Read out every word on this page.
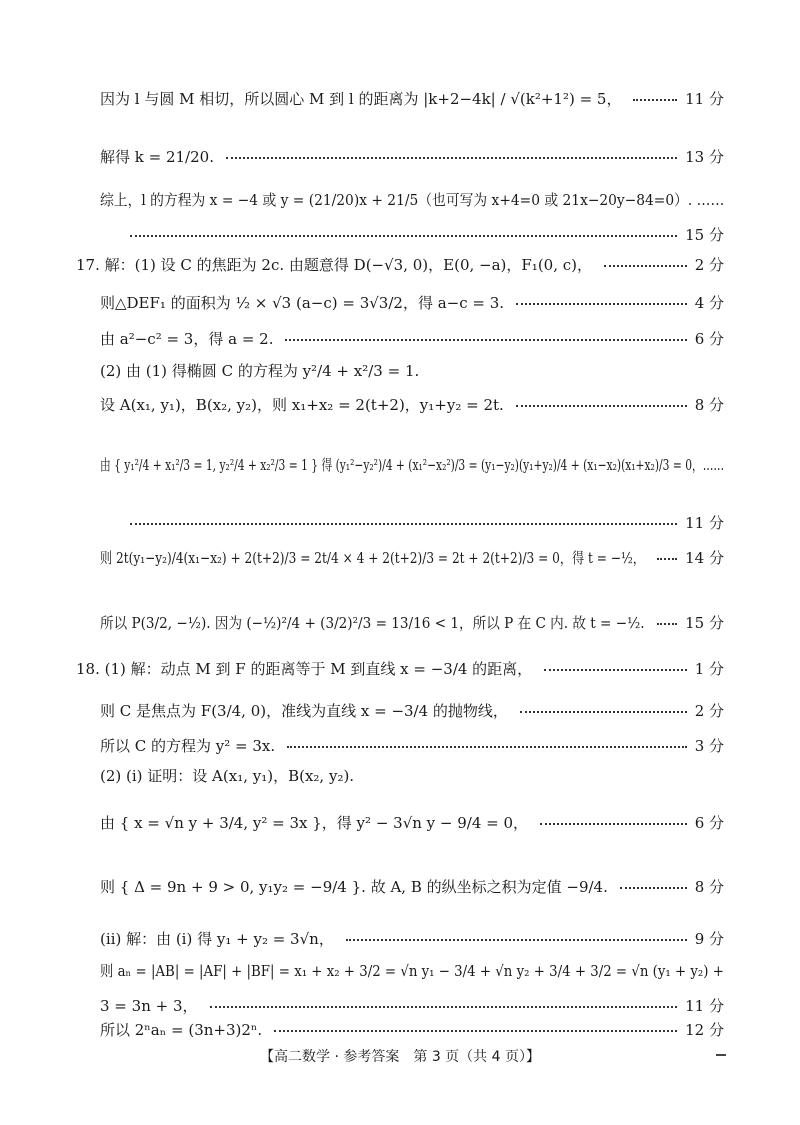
因为 l 与圆 M 相切，所以圆心 M 到 l 的距离为 |k+2−4k| / √(k²+1²) = 5，	11 分
解得 k = 21/20.	13 分
综上，l 的方程为 x = −4 或 y = (21/20)x + 21/5（也可写为 x+4=0 或 21x−20y−84=0）. ……
15 分
17. 解：(1) 设 C 的焦距为 2c. 由题意得 D(−√3, 0)，E(0, −a)，F₁(0, c)，	2 分
则△DEF₁ 的面积为 ½ × √3 (a−c) = 3√3/2，得 a−c = 3.	4 分
由 a²−c² = 3，得 a = 2.	6 分
(2) 由 (1) 得椭圆 C 的方程为 y²/4 + x²/3 = 1.
设 A(x₁, y₁)，B(x₂, y₂)，则 x₁+x₂ = 2(t+2)，y₁+y₂ = 2t.	8 分
由 { y₁²/4 + x₁²/3 = 1, y₂²/4 + x₂²/3 = 1 } 得 (y₁²−y₂²)/4 + (x₁²−x₂²)/3 = (y₁−y₂)(y₁+y₂)/4 + (x₁−x₂)(x₁+x₂)/3 = 0，……
11 分
则 2t(y₁−y₂)/4(x₁−x₂) + 2(t+2)/3 = 2t/4 × 4 + 2(t+2)/3 = 2t + 2(t+2)/3 = 0，得 t = −½，	14 分
所以 P(3/2, −½). 因为 (−½)²/4 + (3/2)²/3 = 13/16 < 1，所以 P 在 C 内. 故 t = −½.	15 分
18. (1) 解：动点 M 到 F 的距离等于 M 到直线 x = −3/4 的距离，	1 分
则 C 是焦点为 F(3/4, 0)，准线为直线 x = −3/4 的抛物线，	2 分
所以 C 的方程为 y² = 3x.	3 分
(2) (ⅰ) 证明：设 A(x₁, y₁)，B(x₂, y₂).
由 { x = √n y + 3/4, y² = 3x }，得 y² − 3√n y − 9/4 = 0，	6 分
则 { Δ = 9n + 9 > 0, y₁y₂ = −9/4 }. 故 A, B 的纵坐标之积为定值 −9/4.	8 分
(ⅱ) 解：由 (ⅰ) 得 y₁ + y₂ = 3√n，	9 分
则 aₙ = |AB| = |AF| + |BF| = x₁ + x₂ + 3/2 = √n y₁ − 3/4 + √n y₂ + 3/4 + 3/2 = √n (y₁ + y₂) +
3 = 3n + 3，	11 分
所以 2ⁿaₙ = (3n+3)2ⁿ.	12 分
【高二数学 · 参考答案　第 3 页（共 4 页）】
